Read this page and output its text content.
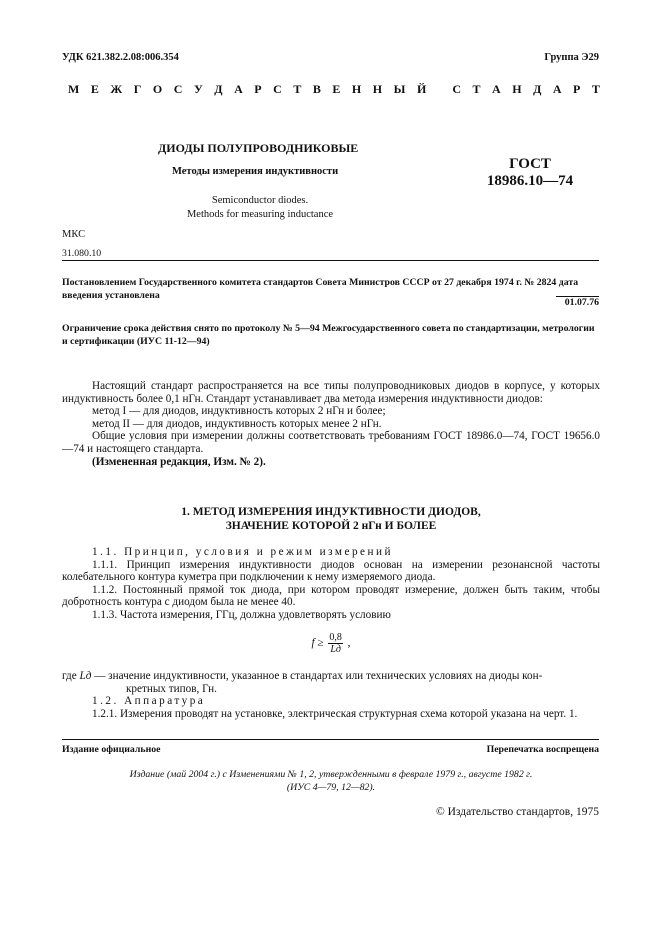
УДК 621.382.2.08:006.354	Группа Э29
М Е Ж Г О С У Д А Р С Т В Е Н Н Ы Й
С Т А Н Д А Р Т
ДИОДЫ ПОЛУПРОВОДНИКОВЫЕ
Методы измерения индуктивности
Semiconductor diodes.
Methods for measuring inductance
ГОСТ
18986.10—74
МКС
31.080.10
Постановлением Государственного комитета стандартов Совета Министров СССР от 27 декабря 1974 г. № 2824 дата введения установлена
01.07.76
Ограничение срока действия снято по протоколу № 5—94 Межгосударственного совета по стандартизации, метрологии и сертификации (ИУС 11-12—94)
Настоящий стандарт распространяется на все типы полупроводниковых диодов в корпусе, у которых индуктивность более 0,1 нГн. Стандарт устанавливает два метода измерения индуктивности диодов:
метод I — для диодов, индуктивность которых 2 нГн и более;
метод II — для диодов, индуктивность которых менее 2 нГн.
Общие условия при измерении должны соответствовать требованиям ГОСТ 18986.0—74, ГОСТ 19656.0—74 и настоящего стандарта.
(Измененная редакция, Изм. № 2).
1. МЕТОД ИЗМЕРЕНИЯ ИНДУКТИВНОСТИ ДИОДОВ,
ЗНАЧЕНИЕ КОТОРОЙ 2 нГн И БОЛЕЕ
1.1. Принцип, условия и режим измерений
1.1.1. Принцип измерения индуктивности диодов основан на измерении резонансной частоты колебательного контура куметра при подключении к нему измеряемого диода.
1.1.2. Постоянный прямой ток диода, при котором проводят измерение, должен быть таким, чтобы добротность контура с диодом была не менее 40.
1.1.3. Частота измерения, ГГц, должна удовлетворять условию
$f \ge \frac{0,8}{Lд}$ ,
где Lд — значение индуктивности, указанное в стандартах или технических условиях на диоды кон-
кретных типов, Гн.
1.2. Аппаратура
1.2.1. Измерения проводят на установке, электрическая структурная схема которой указана на черт. 1.
Издание официальное	Перепечатка воспрещена
Издание (май 2004 г.) с Изменениями № 1, 2, утвержденными в феврале 1979 г., августе 1982 г.
(ИУС 4—79, 12—82).
© Издательство стандартов, 1975
